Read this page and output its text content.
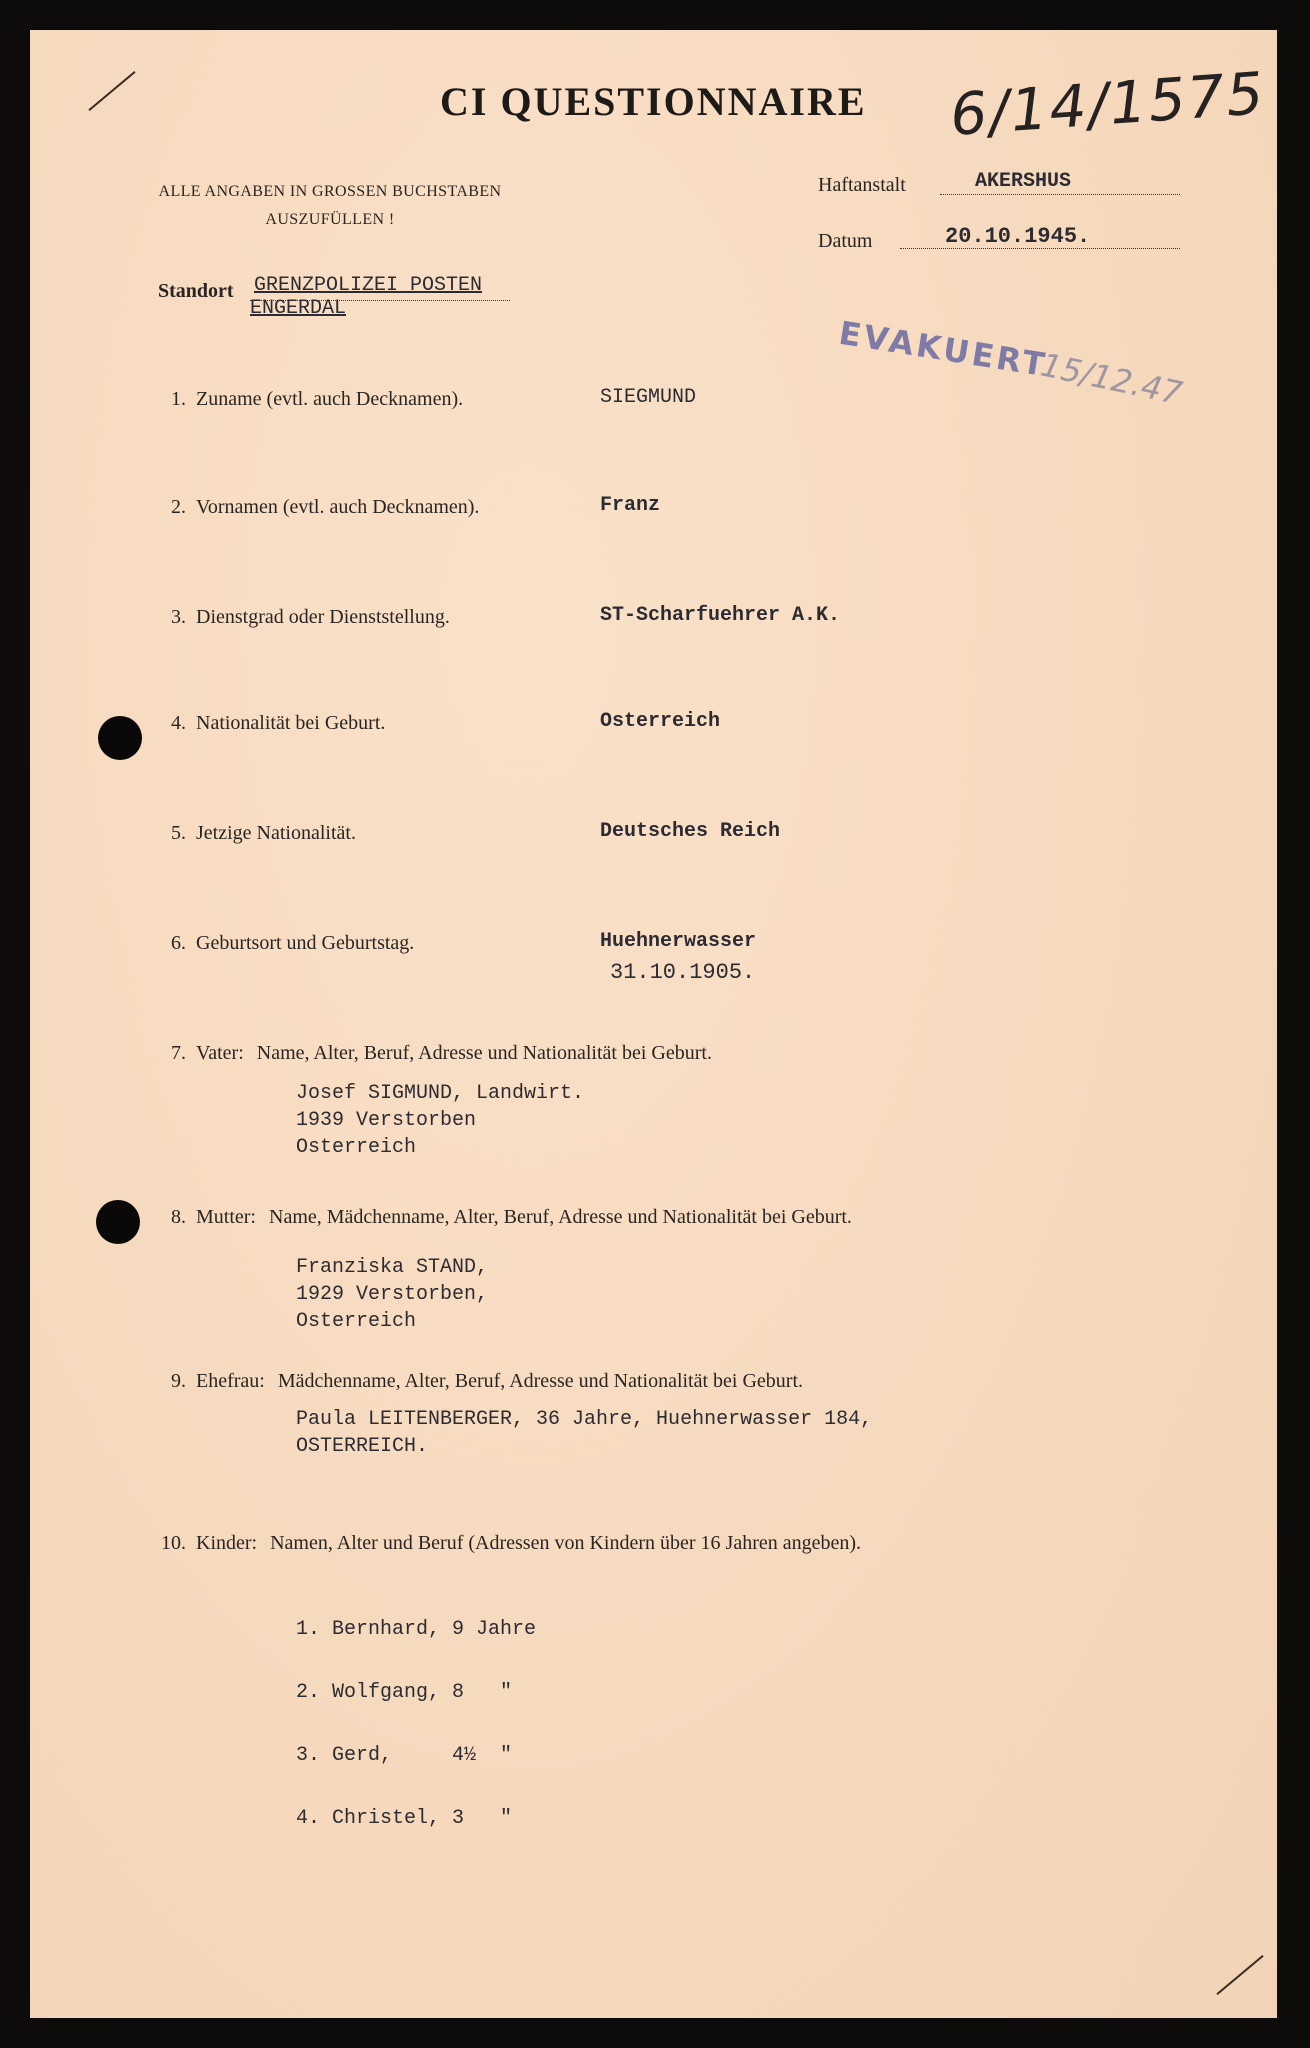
CI QUESTIONNAIRE 6/14/1575
ALLE ANGABEN IN GROSSEN BUCHSTABEN
AUSZUFÜLLEN !
Haftanstalt	AKERSHUS
Datum	20.10.1945.
Standort GRENZPOLIZEI POSTEN ENGERDAL
EVAKUERT
15/12.47
1. Zuname (evtl. auch Decknamen).	SIEGMUND
2. Vornamen (evtl. auch Decknamen).	Franz
3. Dienstgrad oder Dienststellung.	ST-Scharfuehrer A.K.
4. Nationalität bei Geburt.	Osterreich
5. Jetzige Nationalität.	Deutsches Reich
6. Geburtsort und Geburtstag.	Huehnerwasser
31.10.1905.
7. Vater: Name, Alter, Beruf, Adresse und Nationalität bei Geburt.
Josef SIGMUND, Landwirt.
1939 Verstorben
Osterreich
8. Mutter: Name, Mädchenname, Alter, Beruf, Adresse und Nationalität bei Geburt.
Franziska STAND,
1929 Verstorben,
Osterreich
9. Ehefrau: Mädchenname, Alter, Beruf, Adresse und Nationalität bei Geburt.
Paula LEITENBERGER, 36 Jahre, Huehnerwasser 184,
OSTERREICH.
10. Kinder: Namen, Alter und Beruf (Adressen von Kindern über 16 Jahren angeben).

1. Bernhard, 9 Jahre

2. Wolfgang, 8   "

3. Gerd,     4½  "

4. Christel, 3   "
